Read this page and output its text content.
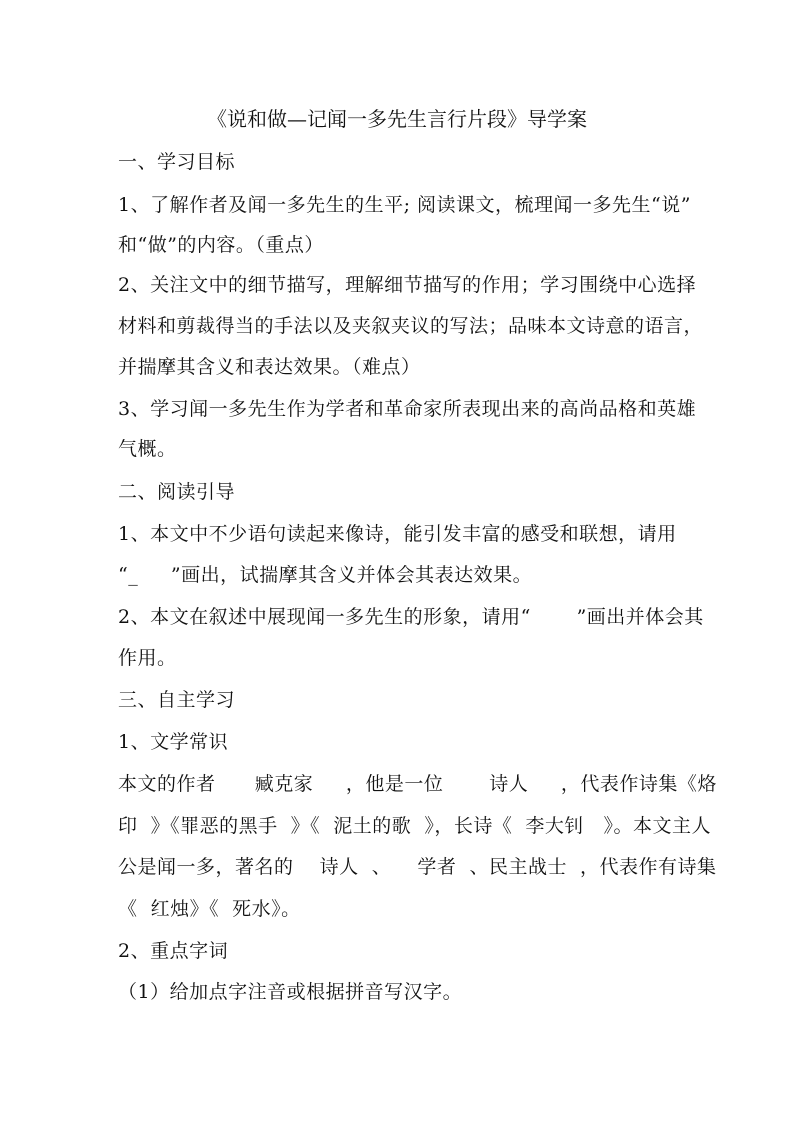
《说和做—记闻一多先生言行片段》导学案
一、学习目标
1、了解作者及闻一多先生的生平; 阅读课文，梳理闻一多先生“说”
和“做”的内容。（重点）
2、关注文中的细节描写，理解细节描写的作用；学习围绕中心选择
材料和剪裁得当的手法以及夹叙夹议的写法；品味本文诗意的语言，
并揣摩其含义和表达效果。（难点）
3、学习闻一多先生作为学者和革命家所表现出来的高尚品格和英雄
气概。
二、阅读引导
1、本文中不少语句读起来像诗，能引发丰富的感受和联想，请用
“_     ”画出，试揣摩其含义并体会其表达效果。
2、本文在叙述中展现闻一多先生的形象，请用“       ”画出并体会其
作用。
三、自主学习
1、文学常识
本文的作者      臧克家     ，他是一位       诗人     ，代表作诗集《烙
印  》《罪恶的黑手  》《  泥土的歌  》，长诗《  李大钊   》。本文主人
公是闻一多，著名的    诗人  、    学者  、民主战士  ，代表作有诗集
《  红烛》《  死水》。
2、重点字词
（1）给加点字注音或根据拼音写汉字。
